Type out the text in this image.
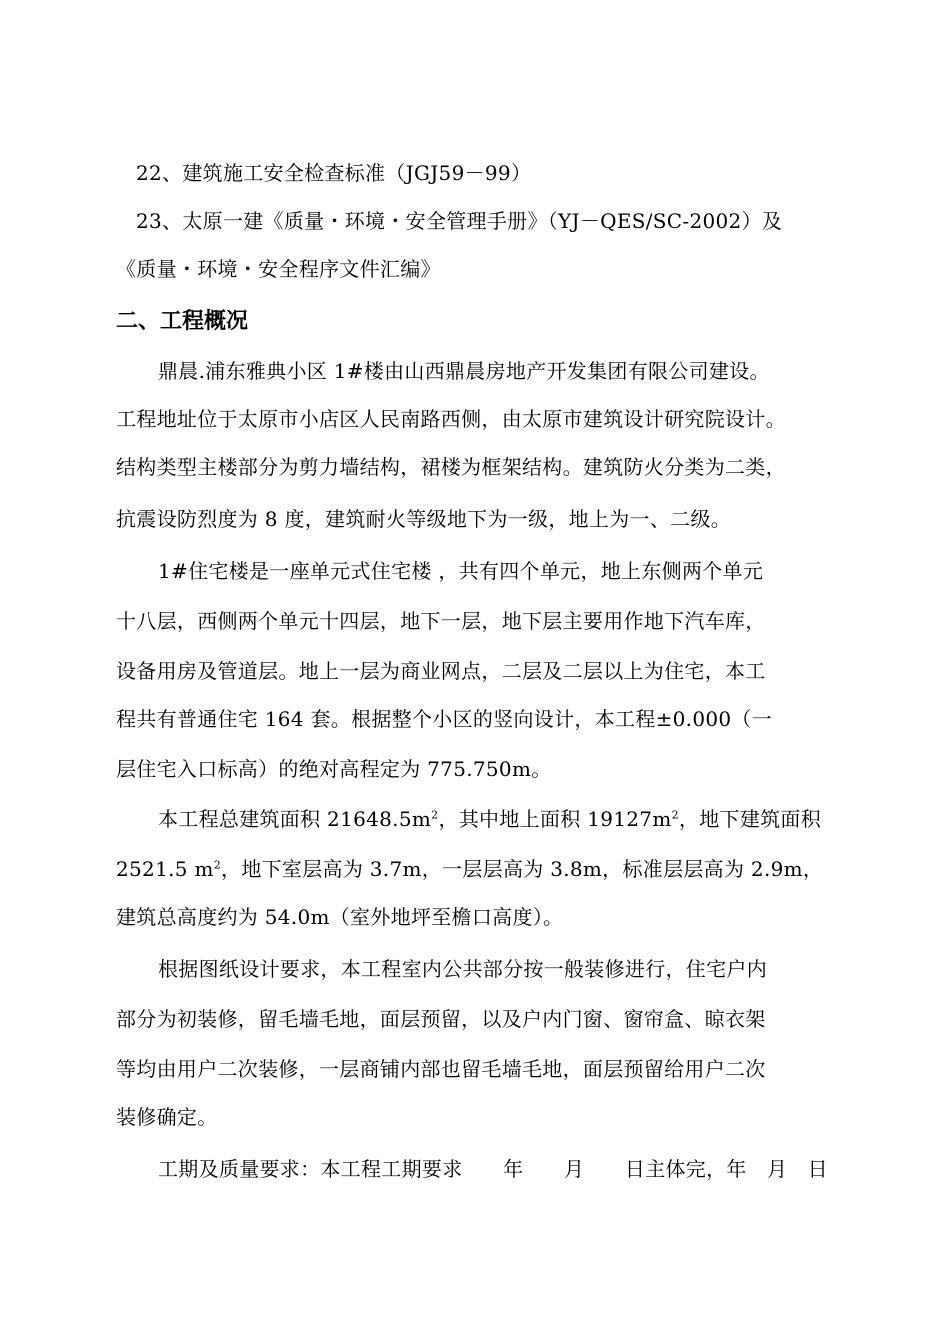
22、建筑施工安全检查标准（JGJ59－99）
23、太原一建《质量・环境・安全管理手册》（YJ－QES/SC-2002）及
《质量・环境・安全程序文件汇编》
二、工程概况
鼎晨.浦东雅典小区 1#楼由山西鼎晨房地产开发集团有限公司建设。
工程地址位于太原市小店区人民南路西侧，由太原市建筑设计研究院设计。
结构类型主楼部分为剪力墙结构，裙楼为框架结构。建筑防火分类为二类，
抗震设防烈度为 8 度，建筑耐火等级地下为一级，地上为一、二级。
1#住宅楼是一座单元式住宅楼 ，共有四个单元，地上东侧两个单元
十八层，西侧两个单元十四层，地下一层，地下层主要用作地下汽车库，
设备用房及管道层。地上一层为商业网点，二层及二层以上为住宅，本工
程共有普通住宅 164 套。根据整个小区的竖向设计，本工程±0.000（一
层住宅入口标高）的绝对高程定为 775.750m。
本工程总建筑面积 $21648.5m^2$，其中地上面积 $19127m^2$，地下建筑面积
2521.5 $m^2$，地下室层高为 3.7m，一层层高为 3.8m，标准层层高为 2.9m，
建筑总高度约为 54.0m（室外地坪至檐口高度）。
根据图纸设计要求，本工程室内公共部分按一般装修进行，住宅户内
部分为初装修，留毛墙毛地，面层预留，以及户内门窗、窗帘盒、晾衣架
等均由用户二次装修，一层商铺内部也留毛墙毛地，面层预留给用户二次
装修确定。
工期及质量要求：本工程工期要求　　年　　月　　日主体完，年　月　日
